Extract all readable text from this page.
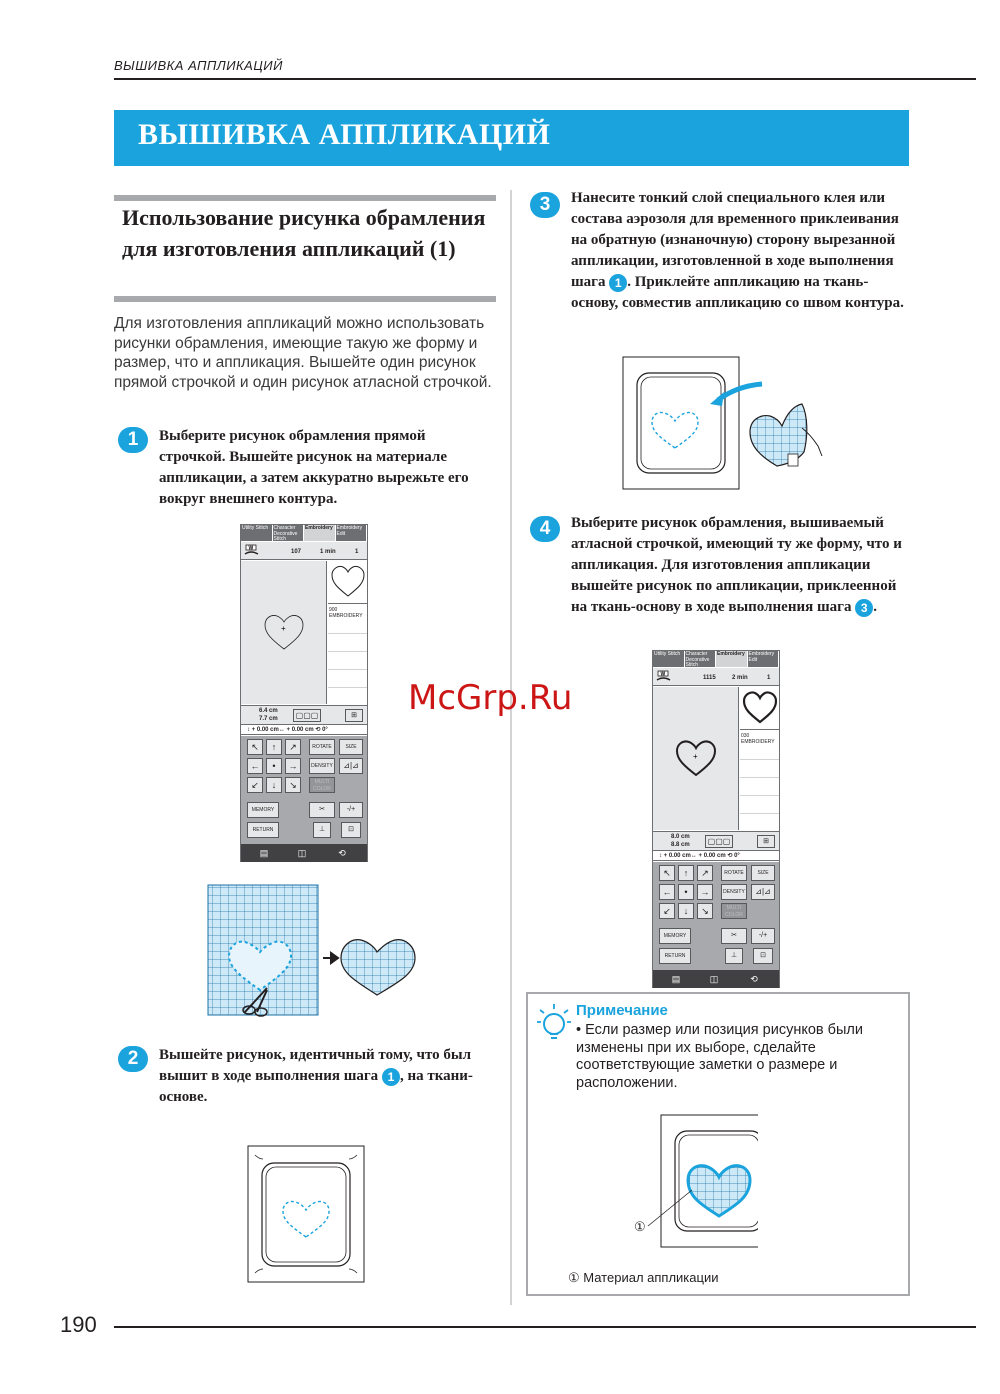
ВЫШИВКА АППЛИКАЦИЙ
ВЫШИВКА АППЛИКАЦИЙ
Использование рисунка обрамления для изготовления аппликаций (1)
Для изготовления аппликаций можно использовать рисунки обрамления, имеющие такую же форму и размер, что и аппликация. Вышейте один рисунок прямой строчкой и один рисунок атласной строчкой.
1	Выберите рисунок обрамления прямой строчкой. Вышейте рисунок на материале аппликации, а затем аккуратно вырежьте его вокруг внешнего контура.
Utility Stitch	Character Decorative Stitch
Embroidery Embroidery Edit
W
107	1 min	1
+
900
EMBROIDERY
6.4 cm
7.7 cm	▢▢▢	⊞
↕ + 0.00 cm↔ + 0.00 cm ⟲ 0°
↖	↑	↗
←	•	→
↙	↓	↘
ROTATE	SIZE
DENSITY	⊿|⊿
MULTI COLOR
MEMORY
RETURN
✂	-/+
⊥	⊡
▤	◫	⟲
2	Вышейте рисунок, идентичный тому, что был вышит в ходе выполнения шага 1 , на ткани-основе.
3	Нанесите тонкий слой специального клея или состава аэрозоля для временного приклеивания на обратную (изнаночную) сторону вырезанной аппликации, изготовленной в ходе выполнения шага 1 . Приклейте аппликацию на ткань-основу, совместив аппликацию со швом контура.
4	Выберите рисунок обрамления, вышиваемый атласной строчкой, имеющий ту же форму, что и аппликация. Для изготовления аппликации вышейте рисунок по аппликации, приклеенной на ткань-основу в ходе выполнения шага 3 .
Utility Stitch	Character Decorative Stitch
Embroidery Embroidery Edit
W
1115	2 min	1
+
030
EMBROIDERY
8.0 cm
8.8 cm	▢▢▢	⊞
↕ + 0.00 cm↔ + 0.00 cm ⟲ 0°
↖	↑	↗
←	•	→
↙	↓	↘
ROTATE	SIZE
DENSITY	⊿|⊿
MULTI COLOR
MEMORY
RETURN
✂	-/+
⊥	⊡
▤	◫	⟲
Примечание
• Если размер или позиция рисунков были изменены при их выборе, сделайте соответствующие заметки о размере и расположении.
①
① Материал аппликации
McGrp.Ru
190
